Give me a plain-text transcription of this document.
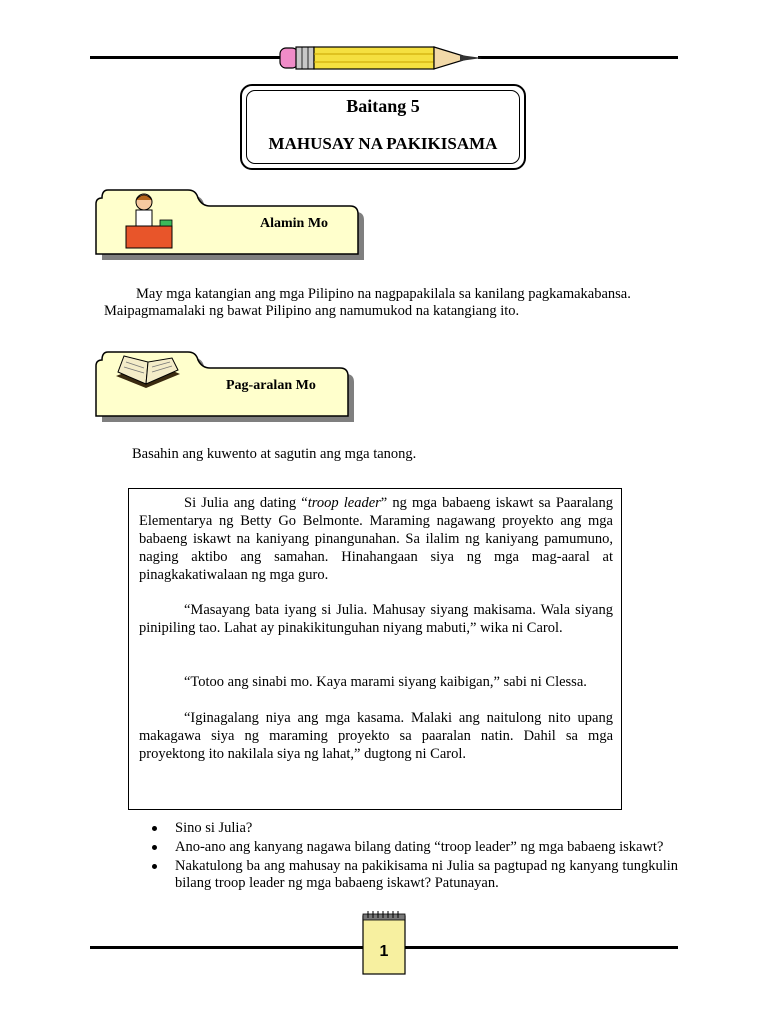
Baitang 5
MAHUSAY NA PAKIKISAMA
Alamin Mo
May mga katangian ang mga Pilipino na nagpapakilala sa kanilang pagkamakabansa.
Maipagmamalaki ng bawat Pilipino ang namumukod na katangiang ito.
Pag-aralan Mo
Basahin ang kuwento at sagutin ang mga tanong.
Si Julia ang dating “troop leader” ng mga babaeng iskawt sa Paaralang Elementarya ng Betty Go Belmonte. Maraming nagawang proyekto ang mga babaeng iskawt na kaniyang pinangunahan. Sa ilalim ng kaniyang pamumuno, naging aktibo ang samahan. Hinahangaan siya ng mga mag-aaral at pinagkakatiwalaan ng mga guro.
“Masayang bata iyang si Julia. Mahusay siyang makisama. Wala siyang pinipiling tao. Lahat ay pinakikitunguhan niyang mabuti,” wika ni Carol.
“Totoo ang sinabi mo. Kaya marami siyang kaibigan,” sabi ni Clessa.
“Iginagalang niya ang mga kasama. Malaki ang naitulong nito upang makagawa siya ng maraming proyekto sa paaralan natin. Dahil sa mga proyektong ito nakilala siya ng lahat,” dugtong ni Carol.
Sino si Julia?
Ano-ano ang kanyang nagawa bilang dating “troop leader” ng mga babaeng iskawt?
Nakatulong ba ang mahusay na pakikisama ni Julia sa pagtupad ng kanyang tungkulin bilang troop leader ng mga babaeng iskawt? Patunayan.
1
